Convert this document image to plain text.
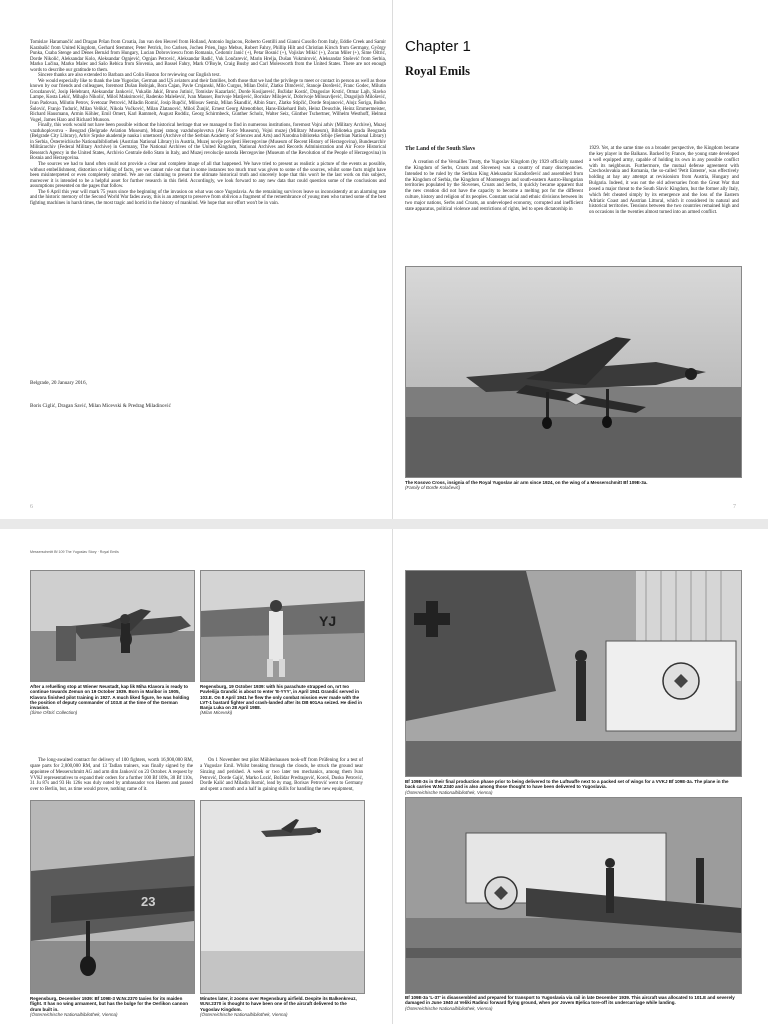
Tomislav Haramančić and Dragan Pršan from Croatia, Jan van den Heuvel from Holland, Antonio Ingiacou, Roberto Gentilli and Gianni Cusollo from Italy, Eddie Creek and Samir Karabašić from United Kingdom, Gerhard Stemmer, Peter Petrick, Ivo Carlsen, Jochen Prien, Ingo Mebus, Robert Fahry, Phillip Hilt and Christian Kirsch from Germany, György Punka, Csaba Stenge and Dénes Bernád from Hungary, Lucian Dobrovicescu from Romania, Čedomir Janić (+), Petar Bosnić (+), Vojislav Mikić (+), Zoran Miler (+), Šime Oštrić, Dorde Nikolić, Aleksandar Kolo, Aleksandar Ognjević, Ognjan Petrović, Aleksandar Radić, Vuk Lončarević, Marin Hrelja, Dušan Vukmirović, Aleksandar Stošević from Serbia, Marko Lučina, Marko Malec and Sašo Rebica from Slovenia, and Bassel Fahry, Mark O'Boyle, Craig Busby and Carl Molesworth from the United States. There are not enough words to describe our gratitude to them.

Sincere thanks are also extended to Barbara and Colin Huston for reviewing our English text.

We would especially like to thank the late Yugoslav, German and US aviators and their families, both those that we had the privilege to meet or contact in person as well as those known by our friends and colleagues, foremost Dušan Bošnjak, Bora Čajan, Pavle Crnjanski, Milo Curgus, Milan Dolić, Zlatko Dimčević, Stanoje Đorđević, Franc Godec, Milutin Grozdanović, Josip Helebrant, Aleksandar Janković, Vukašin Jakić, Bruno Jutinić, Tomislav Kazarlarić, Dorde Kosijarević, Božidar Kostić, Dragoslav Krstić, Otmar Lajh, Slavko Lampe, Kosta Lekić, Mihajlo Nikolić, Miloš Maksimović, Radenko Malešević, Ivan Mauser, Borivoje Matijević, Borislav Milojević, Dobrivoje Milosavljević, Dragoljub Milošević, Ivan Padovan, Milutin Petrov, Svetozar Petrović, Miladin Romić, Josip Rupčić, Milosav Semiz, Milan Škandlić, Albin Starc, Zlatko Stipčić, Dorde Stojanović, Alojz Šoriga, Boško Šulović, Franjo Tudurić, Milan Velikić, Nikola Vučković, Milan Zlatanović, Miloš Žunjić, Ernest Georg Altenotbhot, Hans-Ekkehard Bob, Heinz Deuschle, Heinz Emmermeister, Richard Hausmann, Armin Köhler, Emil Omert, Karl Rammelt, August Roddiz, Georg Schirmbeck, Günther Scholz, Walter Seiz, Günther Tschertner, Wilhelm Westhoff, Helmut Vogel, James Haro and Richard Munson.

Finally, this work would not have been possible without the historical heritage that we managed to find in numerous institutions, foremost Vojni arhiv (Military Archive), Muzej vazduhoplovstva - Beograd (Belgrade Aviation Museum), Muzej ratnog vazduhoplovstva (Air Force Museum), Vojni muzej (Military Museum), Biblioteka grada Beograda (Belgrade City Library), Arhiv Srpske akademije nauka i umetnosti (Archive of the Serbian Academy of Sciences and Arts) and Narodna biblioteka Srbije (Serbian National Library) in Serbia, Österreichische Nationalbibliothek (Austrian National Library) in Austria, Muzej novije povijesti Hercegovine (Museum of Recent History of Herzegovina), Bundesarchiv Militärarchiv (Federal Military Archive) in Germany, The National Archives of the United Kingdom, National Archives and Records Administration and Air Force Historical Research Agency in the United States, Archivio Centrale dello Stato in Italy, and Muzej revolucije naroda Hercegovine (Museum of the Revolution of the People of Herzegovina) in Bosnia and Herzegovina.

The sources we had to hand often could not provide a clear and complete image of all that happened. We have tried to present as realistic a picture of the events as possible, without embellishment, distortion or hiding of facts, yet we cannot rule out that in some instances too much trust was given to some of the sources, whilst some facts might have been misinterpreted or even completely omitted. We are not claiming to present the ultimate historical truth and sincerely hope that this won't be the last work on this subject, moreover it is intended to be a helpful asset for further research in this field. Accordingly, we look forward to any new data that could question some of the conclusions and assumptions presented on the pages that follow.

The 6 April this year will mark 75 years since the beginning of the invasion on what was once Yugoslavia. As the remaining survivors leave us inconsistently at an alarming rate and the historic memory of the Second World War fades away, this is an attempt to preserve from oblivion a fragment of the remembrance of young men who turned some of the best fighting machines in harsh times, the most tragic and horrid in the history of mankind. We hope that our effort won't be in vain.

Belgrade, 20 January 2016,
Boris Ciglić, Dragan Savić, Milan Micevski & Predrag Miladinović
6
Chapter 1
Royal Emils
The Land of the South Slavs

A creation of the Versailles Treaty, the Yugoslav Kingdom (by 1929 officially named the Kingdom of Serbs, Croats and Slovenes) was a country of many discrepancies. Intended to be ruled by the Serbian King Aleksandar Karađorđević and assembled from the Kingdom of Serbia, the Kingdom of Montenegro and south-eastern Austro-Hungarian territories populated by the Slovenes, Croats and Serbs, it quickly became apparent that the new creation did not have the capacity to become a melting pot for the different culture, history and religion of its peoples. Constant social and ethnic divisions between its two major nations, Serbs and Croats, an undeveloped economy, corrupted and inefficient state apparatus, political violence and restrictions of rights, led to open dictatorship in

1929. Yet, at the same time on a broader perspective, the Kingdom became the key player in the Balkans. Backed by France, the young state developed a well equipped army, capable of holding its own in any possible conflict with its neighbours. Furthermore, the mutual defense agreement with Czechoslovakia and Romania, the so-called 'Petit Entente', was effectively holding at bay any attempt at revisionism from Austria, Hungary and Bulgaria. Indeed, it was not the old adversaries from the Great War that posed a major threat to the South Slavic Kingdom, but the former ally Italy, which felt cheated simply by its emergence and the loss of the Eastern Adriatic Coast and Austrian Littoral, which it considered its natural and historical territories. Tensions between the two countries remained high and on occasions in the twenties almost turned into an armed conflict.

The Kosovo Cross, insignia of the Royal Yugoslav air arm since 1924, on the wing of a Messerschmitt Bf 109E-3a.
(Family of Đorđe Kolačević)
7
Messerschmitt Bf 109 The Yugoslav Story · Royal Emils
After a refuelling stop at Wiener Neustadt, kap lik Miha Klavora is ready to continue towards Zemun on 19 October 1939. Born in Maribor in 1905, Klavora finished pilot training in 1927. A much liked figure, he was holding the position of deputy commander of 103.E at the time of the German invasion.
(Šime Oštrić Collection)
YJ
Regensburg, 19 October 1939: with his parachute strapped on, nrt Ivo Pavlešija Grandić is about to enter 'E-YYY', in April 1941 Grandić served in 103.E. On 8 April 1941 he flew the only combat mission ever made with the LVT-1 bastard fighter and crash-landed after its DB 601Aa seized. He died in Banja Luka on 28 April 1988.
(Milan Micevski)

The long-awaited contract for delivery of 100 fighters, worth 16,900,000 RM, spare parts for 2,000,000 RM, and 13 Tadlan trainers, was finally signed by the appointee of Messerschmitt AG and arm dim Janković on 23 October. A request by VVKJ representatives to expand their orders for a further 100 Bf 109s, 30 Bf 110s, 31 Ju 87s and 93 Hs 126s was duly noted by ambassador von Haeren and passed over to Berlin, but, as time would prove, nothing came of it.

On 1 November test pilot Mühlenhausen took-off from Prüfening for a test of a Yugoslav Emil. Whilst breaking through the clouds, he struck the ground near Sinzing and perished. A week or two later ten mechanics, among them Ivan Petrović, Dorde Gajić, Marko Lozić, Božidar Predragović, Koroš, Dusko Petrović, Dorđe Kalić and Miladin Romić, lead by mag. Borisav Petrović went to Germany and spent a month and a half in gaining skills for handling the new equipment,

23
Regensburg, December 1939: Bf 109E-3 W.Nr.2370 taxies for its maiden flight. It has no wing armament, but has the bulge for the Oerlikon cannon drum built in.
(Österreichische Nationalbibliothek, Vienna)
Minutes later, it zooms over Regensburg airfield. Despite its Balkenkreuz, W.Nr.2370 is thought to have been one of the aircraft delivered to the Yugoslav Kingdom.
(Österreichische Nationalbibliothek, Vienna)
Bf 109E-3s in their final production phase prior to being delivered to the Luftwaffe next to a packed set of wings for a VVKJ Bf 109E-3a. The plane in the back carries W.Nr.2340 and is also among those thought to have been delivered to Yugoslavia.
(Österreichische Nationalbibliothek, Vienna)
Bf 109E-3a 'L-37' is disassembled and prepared for transport to Yugoslavia via rail in late December 1939. This aircraft was allocated to 101.E and severely damaged in June 1940 at Veliki Radinci forward flying ground, when por Jovem Bjelica tore-off its undercarriage while landing.
(Österreichische Nationalbibliothek, Vienna)
